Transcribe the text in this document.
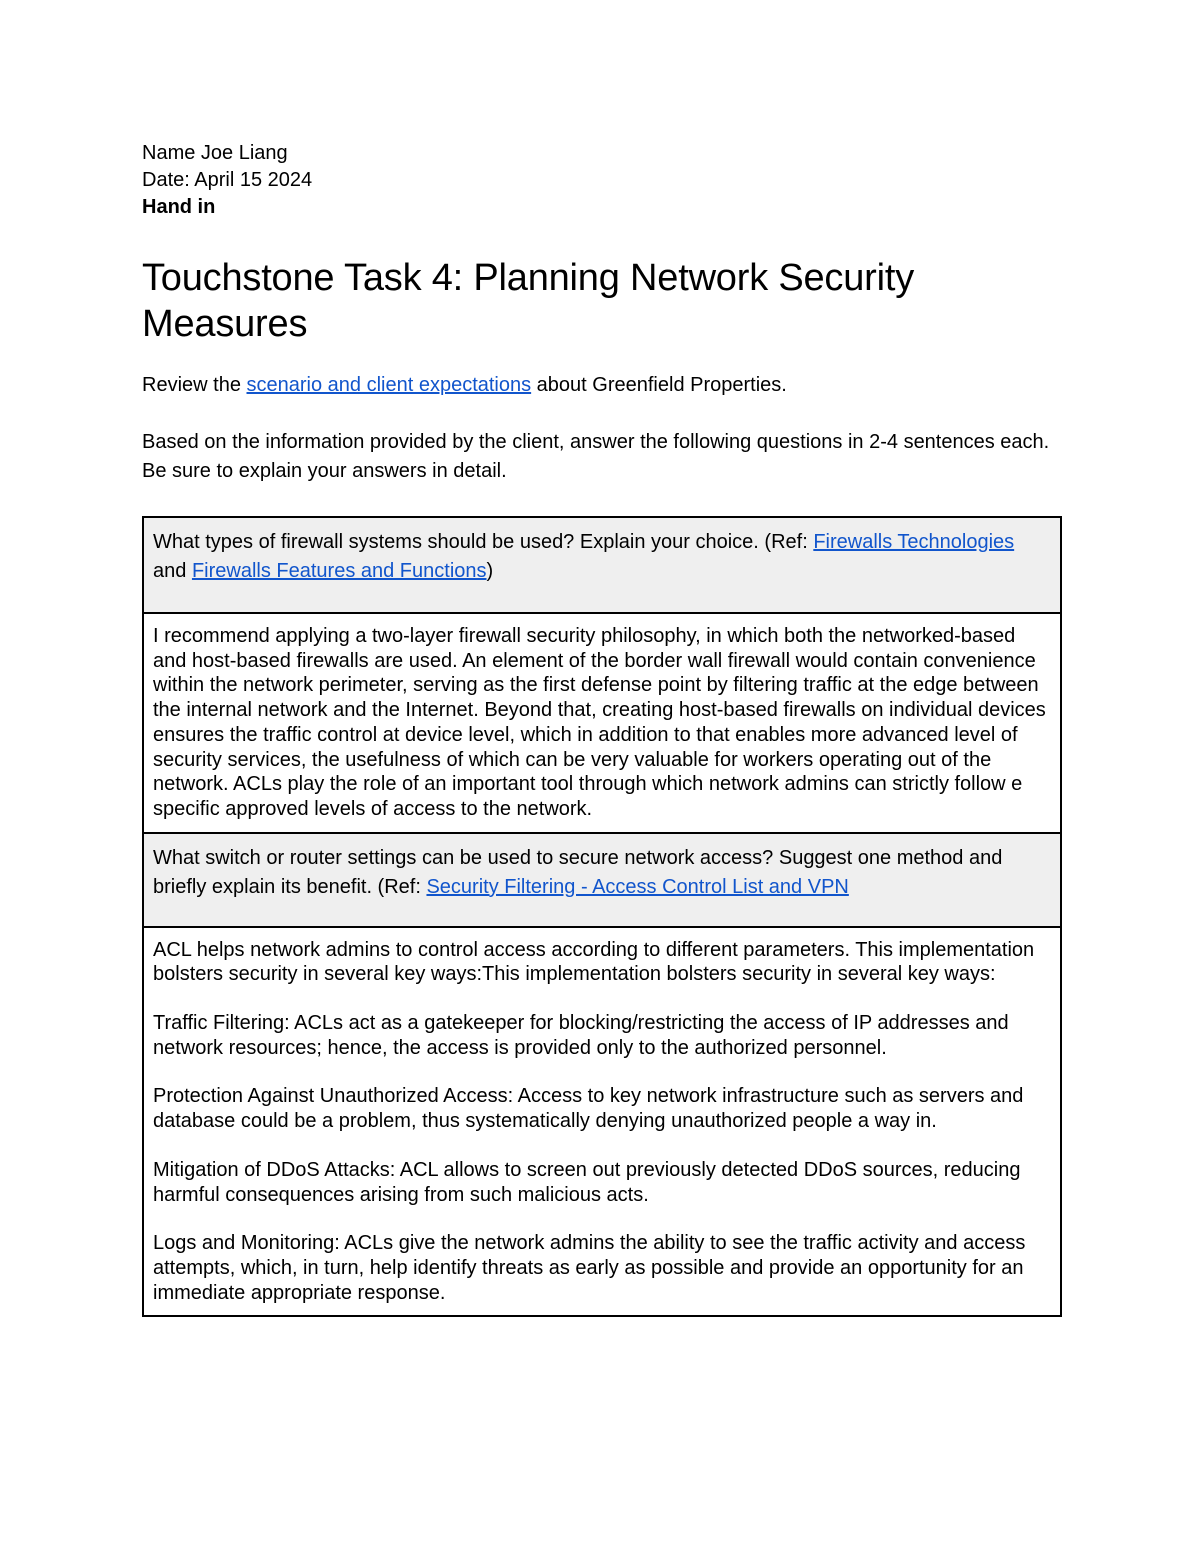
Name Joe Liang

Date: April 15 2024

Hand in

Touchstone Task 4: Planning Network Security Measures

Review the scenario and client expectations about Greenfield Properties.

Based on the information provided by the client, answer the following questions in 2-4 sentences each. Be sure to explain your answers in detail.

What types of firewall systems should be used? Explain your choice. (Ref: Firewalls Technologies and Firewalls Features and Functions)

I recommend applying a two-layer firewall security philosophy, in which both the networked-based and host-based firewalls are used. An element of the border wall firewall would contain convenience within the network perimeter, serving as the first defense point by filtering traffic at the edge between the internal network and the Internet. Beyond that, creating host-based firewalls on individual devices ensures the traffic control at device level, which in addition to that enables more advanced level of security services, the usefulness of which can be very valuable for workers operating out of the network. ACLs play the role of an important tool through which network admins can strictly follow e specific approved levels of access to the network.

What switch or router settings can be used to secure network access? Suggest one method and briefly explain its benefit. (Ref: Security Filtering - Access Control List and VPN

ACL helps network admins to control access according to different parameters. This implementation bolsters security in several key ways:This implementation bolsters security in several key ways:

Traffic Filtering: ACLs act as a gatekeeper for blocking/restricting the access of IP addresses and network resources; hence, the access is provided only to the authorized personnel.

Protection Against Unauthorized Access: Access to key network infrastructure such as servers and database could be a problem, thus systematically denying unauthorized people a way in.

Mitigation of DDoS Attacks: ACL allows to screen out previously detected DDoS sources, reducing harmful consequences arising from such malicious acts.

Logs and Monitoring: ACLs give the network admins the ability to see the traffic activity and access attempts, which, in turn, help identify threats as early as possible and provide an opportunity for an immediate appropriate response.
